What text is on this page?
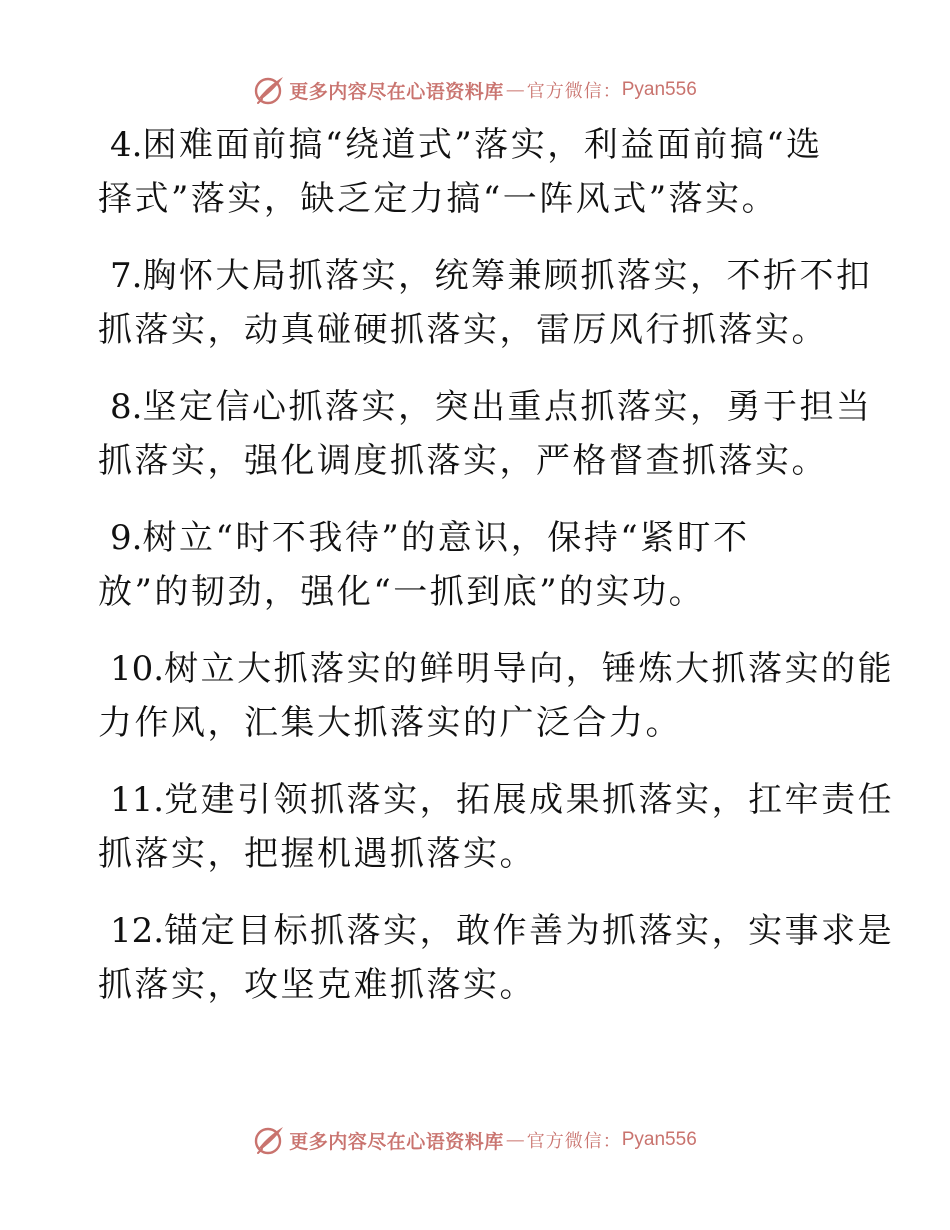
更多内容尽在心语资料库 — 官方微信： Pyan556

4.困难面前搞“绕道式”落实，利益面前搞“选
择式”落实，缺乏定力搞“一阵风式”落实。

7.胸怀大局抓落实，统筹兼顾抓落实，不折不扣
抓落实，动真碰硬抓落实，雷厉风行抓落实。

8.坚定信心抓落实，突出重点抓落实，勇于担当
抓落实，强化调度抓落实，严格督查抓落实。

9.树立“时不我待”的意识，保持“紧盯不
放”的韧劲，强化“一抓到底”的实功。

10.树立大抓落实的鲜明导向，锤炼大抓落实的能
力作风，汇集大抓落实的广泛合力。

11.党建引领抓落实，拓展成果抓落实，扛牢责任
抓落实，把握机遇抓落实。

12.锚定目标抓落实，敢作善为抓落实，实事求是
抓落实，攻坚克难抓落实。

更多内容尽在心语资料库 — 官方微信： Pyan556
